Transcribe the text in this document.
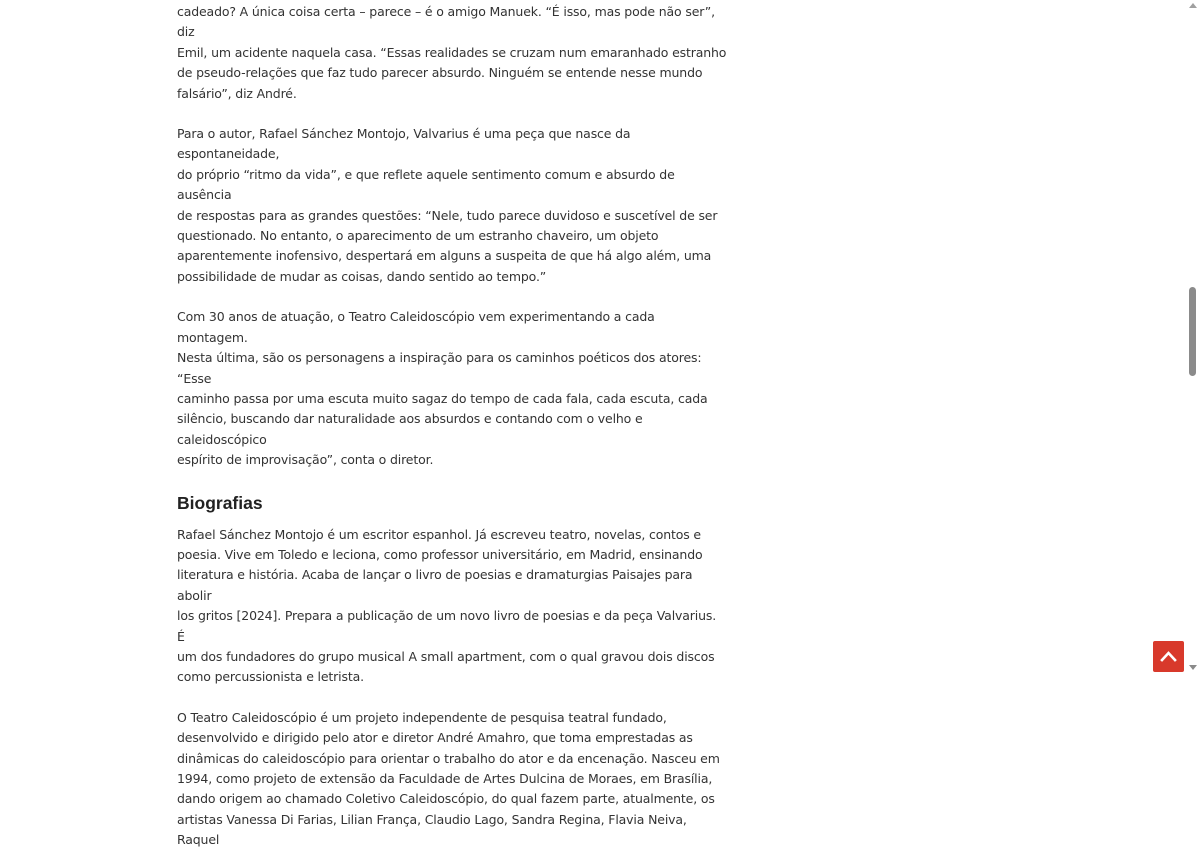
cadeado? A única coisa certa – parece – é o amigo Manuek. “É isso, mas pode não ser”, diz
Emil, um acidente naquela casa. “Essas realidades se cruzam num emaranhado estranho
de pseudo-relações que faz tudo parecer absurdo. Ninguém se entende nesse mundo
falsário”, diz André.

Para o autor, Rafael Sánchez Montojo, Valvarius é uma peça que nasce da espontaneidade,
do próprio “ritmo da vida”, e que reflete aquele sentimento comum e absurdo de ausência
de respostas para as grandes questões: “Nele, tudo parece duvidoso e suscetível de ser
questionado. No entanto, o aparecimento de um estranho chaveiro, um objeto
aparentemente inofensivo, despertará em alguns a suspeita de que há algo além, uma
possibilidade de mudar as coisas, dando sentido ao tempo.”

Com 30 anos de atuação, o Teatro Caleidoscópio vem experimentando a cada montagem.
Nesta última, são os personagens a inspiração para os caminhos poéticos dos atores: “Esse
caminho passa por uma escuta muito sagaz do tempo de cada fala, cada escuta, cada
silêncio, buscando dar naturalidade aos absurdos e contando com o velho e caleidoscópico
espírito de improvisação”, conta o diretor.

Biografias

Rafael Sánchez Montojo é um escritor espanhol. Já escreveu teatro, novelas, contos e
poesia. Vive em Toledo e leciona, como professor universitário, em Madrid, ensinando
literatura e história. Acaba de lançar o livro de poesias e dramaturgias Paisajes para abolir
los gritos [2024]. Prepara a publicação de um novo livro de poesias e da peça Valvarius. É
um dos fundadores do grupo musical A small apartment, com o qual gravou dois discos
como percussionista e letrista.

O Teatro Caleidoscópio é um projeto independente de pesquisa teatral fundado,
desenvolvido e dirigido pelo ator e diretor André Amahro, que toma emprestadas as
dinâmicas do caleidoscópio para orientar o trabalho do ator e da encenação. Nasceu em
1994, como projeto de extensão da Faculdade de Artes Dulcina de Moraes, em Brasília,
dando origem ao chamado Coletivo Caleidoscópio, do qual fazem parte, atualmente, os
artistas Vanessa Di Farias, Lilian França, Claudio Lago, Sandra Regina, Flavia Neiva, Raquel
